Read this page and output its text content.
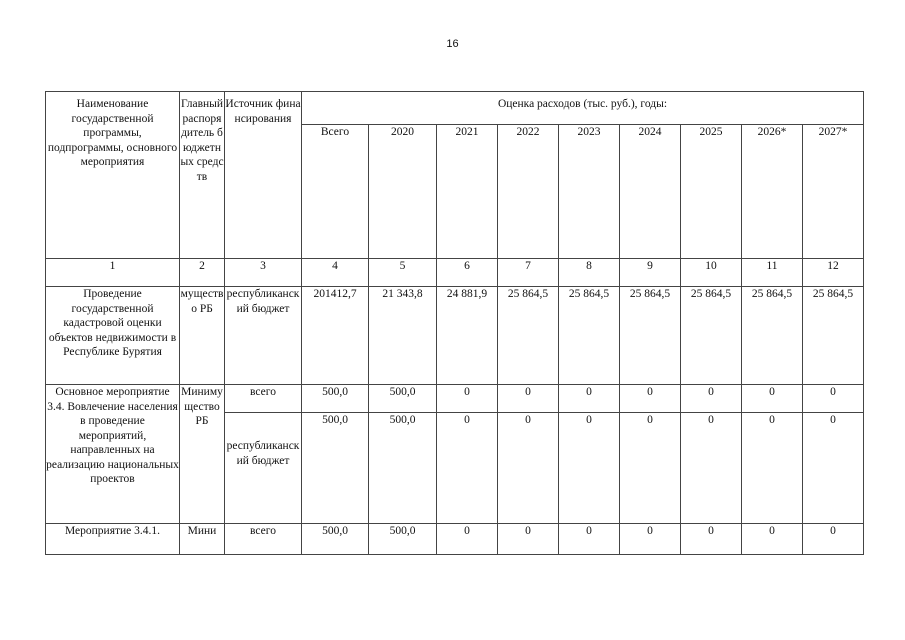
16
Наименование государственной программы, подпрограммы, основного мероприятия	Главный распорядитель бюджетных средств	Источник финансирования	Оценка расходов (тыс. руб.), годы:								
			Всего	2020	2021	2022	2023	2024	2025	2026*	2027*
1	2	3	4	5	6	7	8	9	10	11	12
Проведение государственной кадастровой оценки объектов недвижимости в Республике Бурятия	мущество РБ	республиканский бюджет	201412,7	21 343,8	24 881,9	25 864,5	25 864,5	25 864,5	25 864,5	25 864,5	25 864,5
Основное мероприятие 3.4. Вовлечение населения в проведение мероприятий, направленных на реализацию национальных проектов	Минимущество РБ	всего	500,0	500,0	0	0	0	0	0	0	0
		республиканский бюджет	500,0	500,0	0	0	0	0	0	0	0
Мероприятие 3.4.1.	Мини	всего	500,0	500,0	0	0	0	0	0	0	0
